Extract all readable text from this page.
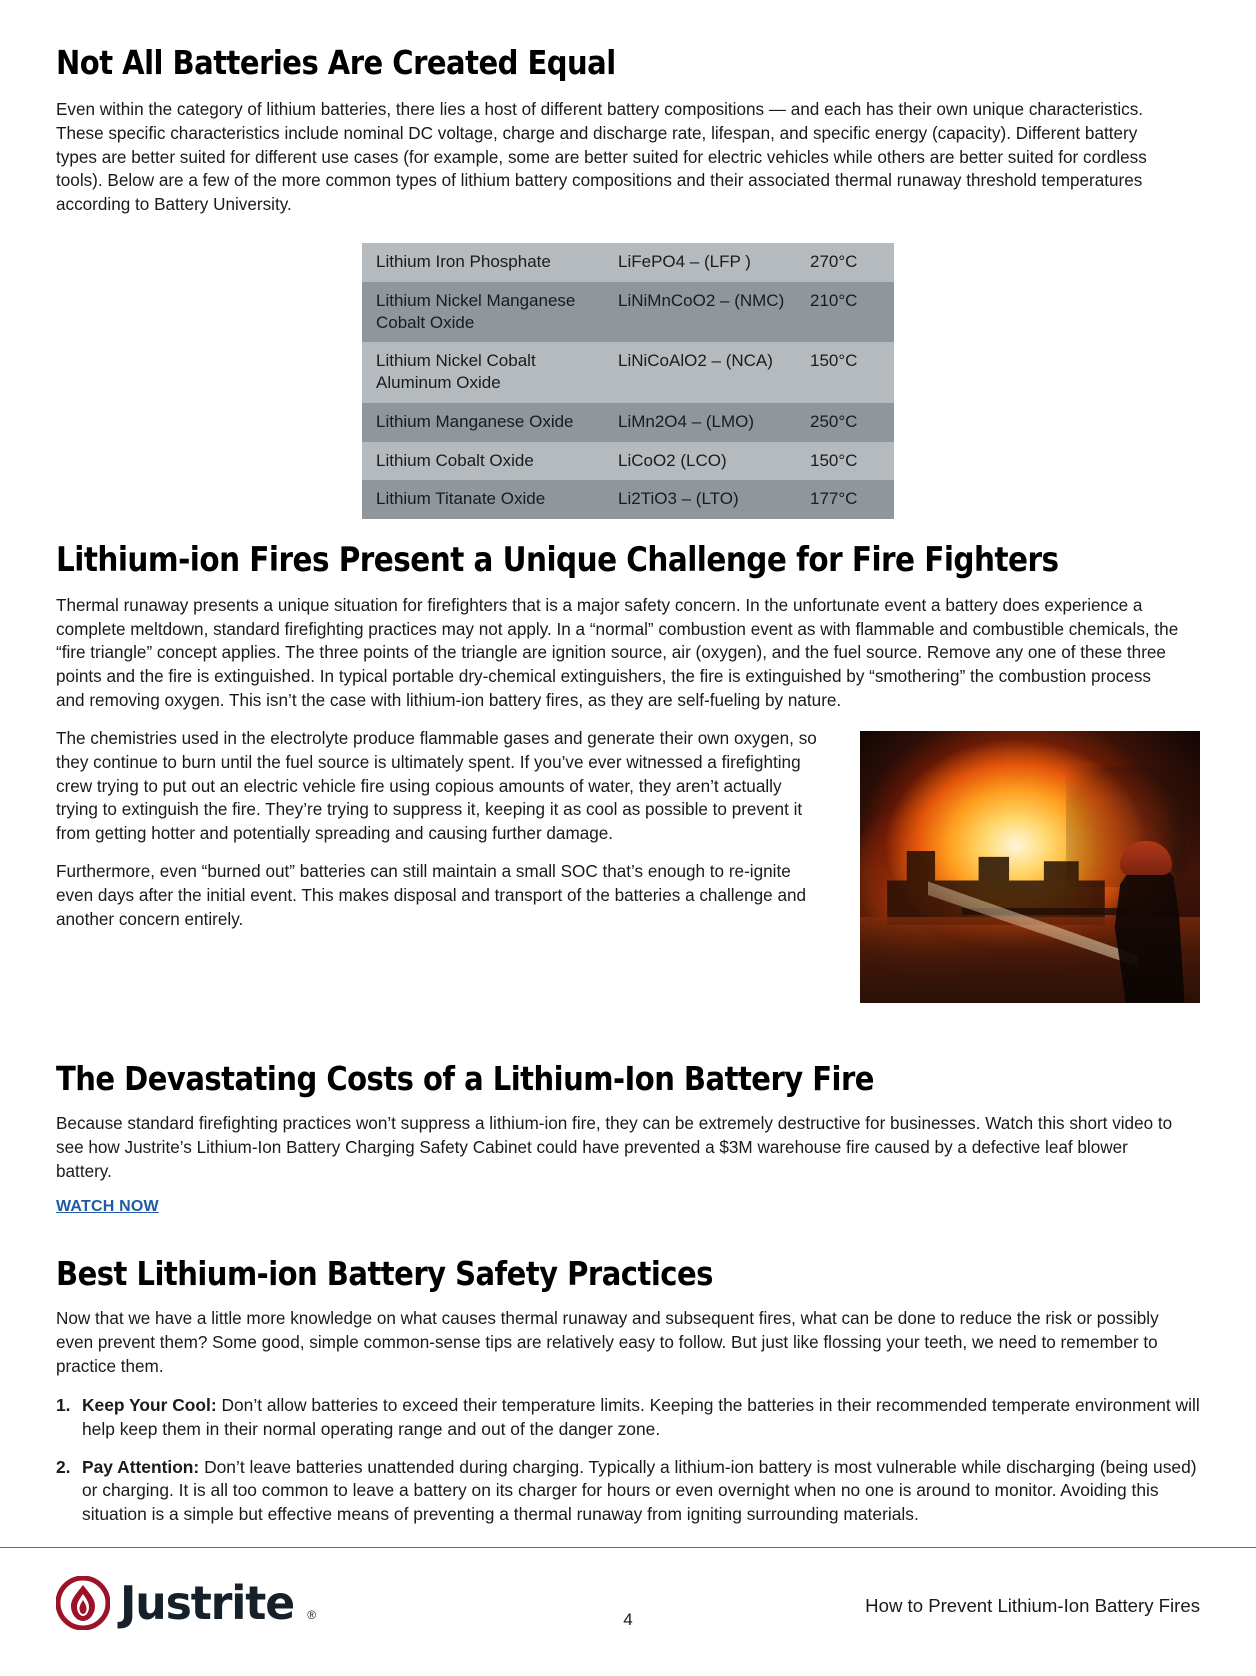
Not All Batteries Are Created Equal

Even within the category of lithium batteries, there lies a host of different battery compositions — and each has their own unique characteristics. These specific characteristics include nominal DC voltage, charge and discharge rate, lifespan, and specific energy (capacity). Different battery types are better suited for different use cases (for example, some are better suited for electric vehicles while others are better suited for cordless tools). Below are a few of the more common types of lithium battery compositions and their associated thermal runaway threshold temperatures according to Battery University.

Lithium Iron Phosphate	LiFePO4 – (LFP )	270°C
Lithium Nickel Manganese Cobalt Oxide	LiNiMnCoO2 – (NMC)	210°C
Lithium Nickel Cobalt Aluminum Oxide	LiNiCoAlO2 – (NCA)	150°C
Lithium Manganese Oxide	LiMn2O4 – (LMO)	250°C
Lithium Cobalt Oxide	LiCoO2 (LCO)	150°C
Lithium Titanate Oxide	Li2TiO3 – (LTO)	177°C
Lithium-ion Fires Present a Unique Challenge for Fire Fighters

Thermal runaway presents a unique situation for firefighters that is a major safety concern. In the unfortunate event a battery does experience a complete meltdown, standard firefighting practices may not apply. In a “normal” combustion event as with flammable and combustible chemicals, the “fire triangle” concept applies. The three points of the triangle are ignition source, air (oxygen), and the fuel source. Remove any one of these three points and the fire is extinguished. In typical portable dry-chemical extinguishers, the fire is extinguished by “smothering” the combustion process and removing oxygen. This isn’t the case with lithium-ion battery fires, as they are self-fueling by nature.

The chemistries used in the electrolyte produce flammable gases and generate their own oxygen, so they continue to burn until the fuel source is ultimately spent. If you’ve ever witnessed a firefighting crew trying to put out an electric vehicle fire using copious amounts of water, they aren’t actually trying to extinguish the fire. They’re trying to suppress it, keeping it as cool as possible to prevent it from getting hotter and potentially spreading and causing further damage.

Furthermore, even “burned out” batteries can still maintain a small SOC that’s enough to re-ignite even days after the initial event. This makes disposal and transport of the batteries a challenge and another concern entirely.

The Devastating Costs of a Lithium-Ion Battery Fire

Because standard firefighting practices won’t suppress a lithium-ion fire, they can be extremely destructive for businesses. Watch this short video to see how Justrite’s Lithium-Ion Battery Charging Safety Cabinet could have prevented a $3M warehouse fire caused by a defective leaf blower battery.

WATCH NOW
Best Lithium-ion Battery Safety Practices

Now that we have a little more knowledge on what causes thermal runaway and subsequent fires, what can be done to reduce the risk or possibly even prevent them? Some good, simple common-sense tips are relatively easy to follow. But just like flossing your teeth, we need to remember to practice them.

Keep Your Cool: Don’t allow batteries to exceed their temperature limits. Keeping the batteries in their recommended temperate environment will help keep them in their normal operating range and out of the danger zone.
Pay Attention: Don’t leave batteries unattended during charging. Typically a lithium-ion battery is most vulnerable while discharging (being used) or charging. It is all too common to leave a battery on its charger for hours or even overnight when no one is around to monitor. Avoiding this situation is a simple but effective means of preventing a thermal runaway from igniting surrounding materials.
Justrite ®	4
How to Prevent Lithium-Ion Battery Fires
